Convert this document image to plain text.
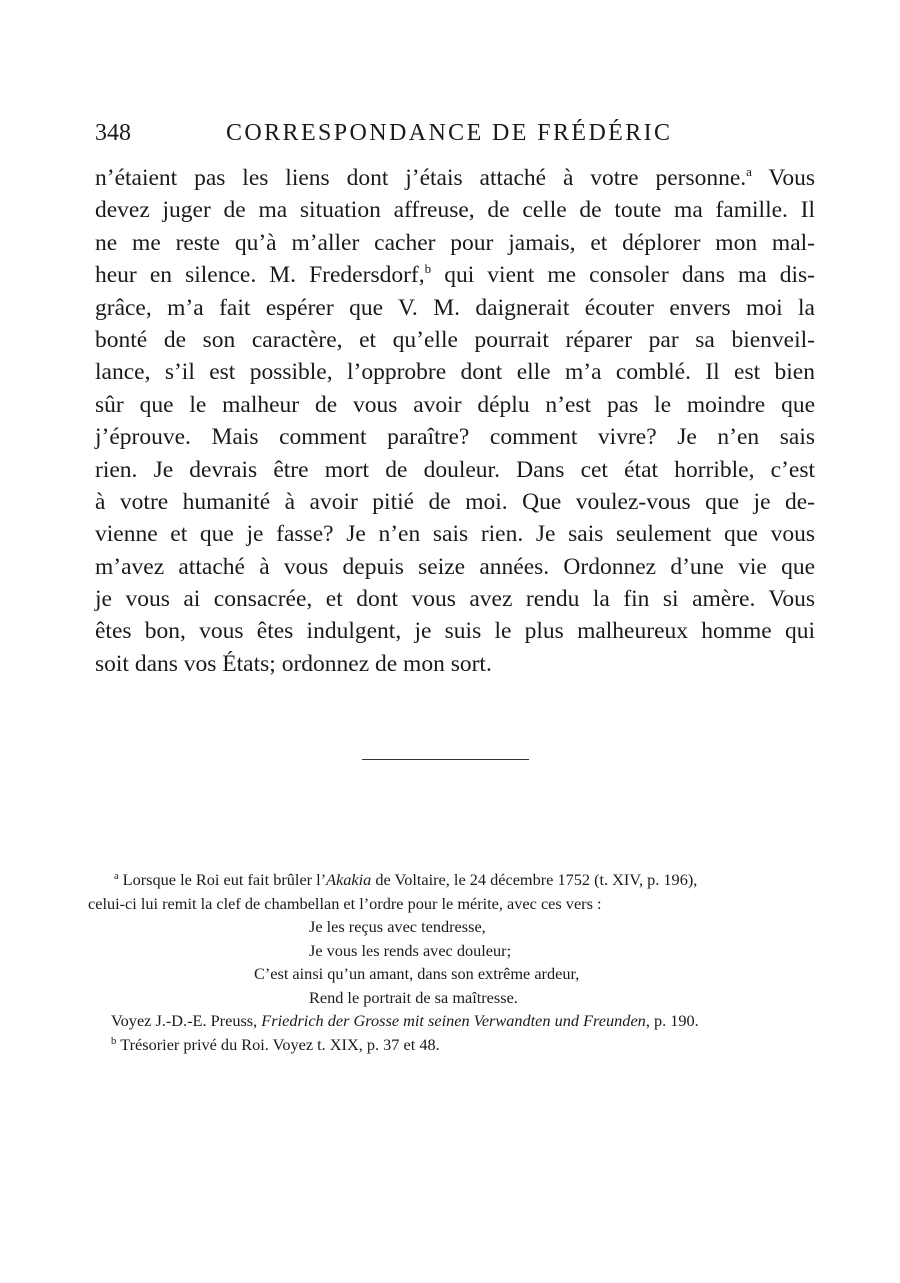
348	CORRESPONDANCE DE FRÉDÉRIC
n’étaient pas les liens dont j’étais attaché à votre personne.$^a$ Vous
devez juger de ma situation affreuse, de celle de toute ma famille. Il
ne me reste qu’à m’aller cacher pour jamais, et déplorer mon mal-
heur en silence. M. Fredersdorf,$^b$ qui vient me consoler dans ma dis-
grâce, m’a fait espérer que V. M. daignerait écouter envers moi la
bonté de son caractère, et qu’elle pourrait réparer par sa bienveil-
lance, s’il est possible, l’opprobre dont elle m’a comblé. Il est bien
sûr que le malheur de vous avoir déplu n’est pas le moindre que
j’éprouve. Mais comment paraître? comment vivre? Je n’en sais
rien. Je devrais être mort de douleur. Dans cet état horrible, c’est
à votre humanité à avoir pitié de moi. Que voulez-vous que je de-
vienne et que je fasse? Je n’en sais rien. Je sais seulement que vous
m’avez attaché à vous depuis seize années. Ordonnez d’une vie que
je vous ai consacrée, et dont vous avez rendu la fin si amère. Vous
êtes bon, vous êtes indulgent, je suis le plus malheureux homme qui
soit dans vos États; ordonnez de mon sort.
$^a$ Lorsque le Roi eut fait brûler l’Akakia de Voltaire, le 24 décembre 1752 (t. XIV, p. 196),
celui-ci lui remit la clef de chambellan et l’ordre pour le mérite, avec ces vers :
Je les reçus avec tendresse,
Je vous les rends avec douleur;
C’est ainsi qu’un amant, dans son extrême ardeur,
Rend le portrait de sa maîtresse.
Voyez J.-D.-E. Preuss, Friedrich der Grosse mit seinen Verwandten und Freunden, p. 190.
$^b$ Trésorier privé du Roi. Voyez t. XIX, p. 37 et 48.
